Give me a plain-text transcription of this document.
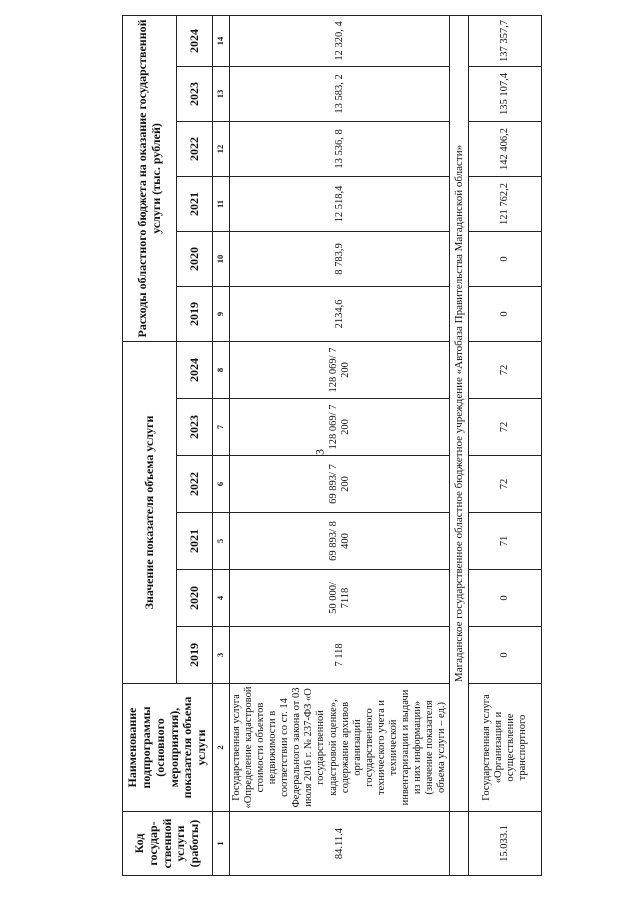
3
Код государ-ственной услуги (работы)	Наименование подпрограммы (основного мероприятия), показателя объема услуги	Значение показателя объема услуги						Расходы областного бюджета на оказание государственной услуги (тыс. рублей)					
		2019	2020	2021	2022	2023	2024	2019	2020	2021	2022	2023	2024
1	2	3	4	5	6	7	8	9	10	11	12	13	14
84.11.4	Государственная услуга «Определение кадастровой стоимости объектов недвижимости в соответствии со ст. 14 Федерального закона от 03 июля 2016 г. № 237-ФЗ «О государственной кадастровой оценке», содержание архивов организаций государственного технического учета и технической инвентаризации и выдачи из них информации» (значение показателя объема услуги – ед.)	7 118	50 000/ 7118	69 893/ 8 400	69 893/ 7 200	128 069/ 7 200	128 069/ 7 200	2134,6	8 783,9	12 518,4	13 536, 8	13 583, 2	12 320, 4
	Магаданское государственное областное бюджетное учреждение «Автобаза Правительства Магаданской области»												
15.033.1	Государственная услуга «Организация и осуществление транспортного	0	0	71	72	72	72	0	0	121 762,2	142 406,2	135 107,4	137 357,7
